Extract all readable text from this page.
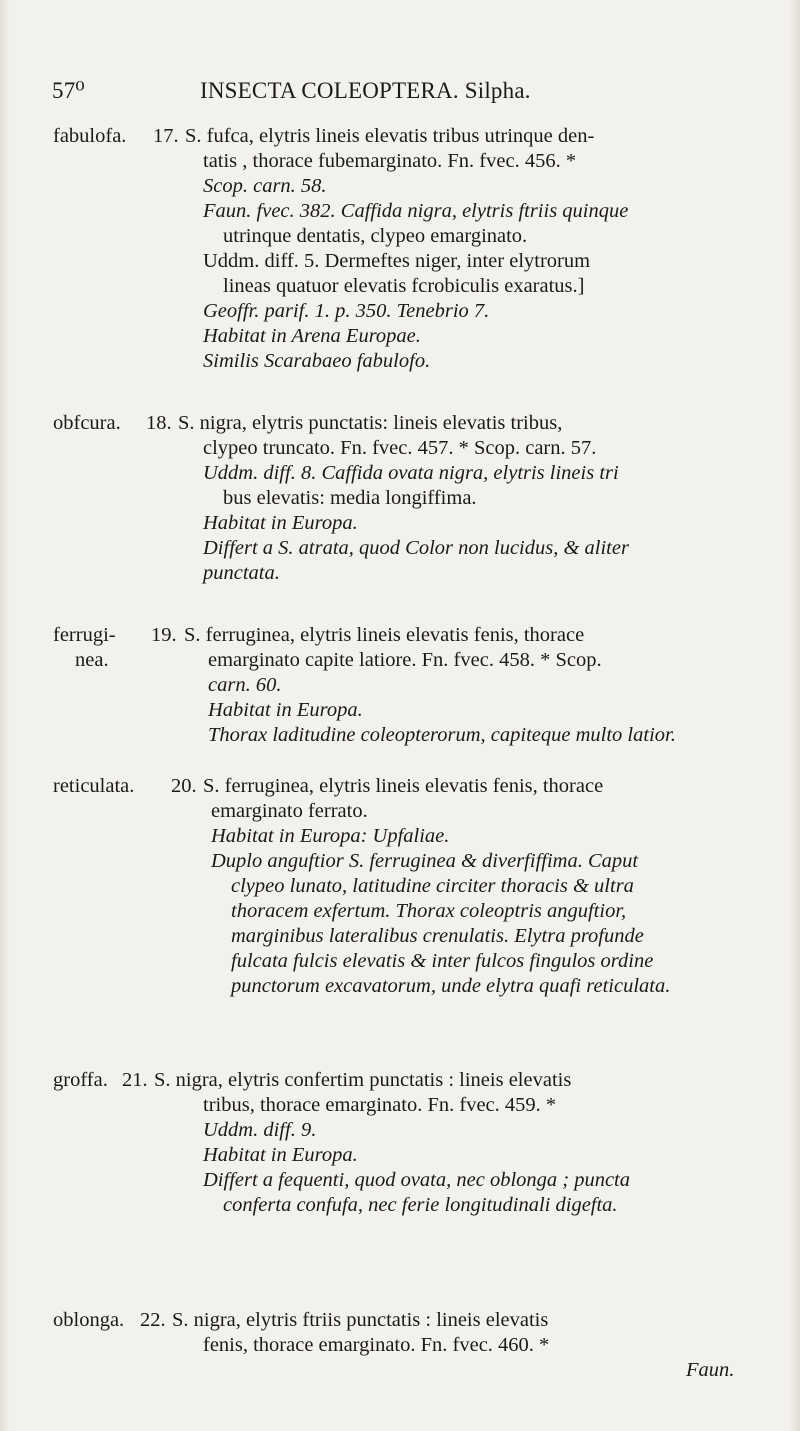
57⁰	INSECTA COLEOPTERA. Silpha.
fabulofa. 17. S. fufca, elytris lineis elevatis tribus utrinque den-

tatis , thorace fubemarginato. Fn. fvec. 456. *

Scop. carn. 58.

Faun. fvec. 382. Caffida nigra, elytris ftriis quinque

utrinque dentatis, clypeo emarginato.

Uddm. diff. 5. Dermeftes niger, inter elytrorum

lineas quatuor elevatis fcrobiculis exaratus.]

Geoffr. parif. 1. p. 350. Tenebrio 7.

Habitat in Arena Europae.

Similis Scarabaeo fabulofo.

obfcura. 18. S. nigra, elytris punctatis: lineis elevatis tribus,

clypeo truncato. Fn. fvec. 457. * Scop. carn. 57.

Uddm. diff. 8. Caffida ovata nigra, elytris lineis tri

bus elevatis: media longiffima.

Habitat in Europa.

Differt a S. atrata, quod Color non lucidus, & aliter

punctata.

ferrugi-
nea.
19. S. ferruginea, elytris lineis elevatis fenis, thorace

emarginato capite latiore. Fn. fvec. 458. * Scop.

carn. 60.

Habitat in Europa.

Thorax laditudine coleopterorum, capiteque multo latior.

reticulata. 20. S. ferruginea, elytris lineis elevatis fenis, thorace

emarginato ferrato.

Habitat in Europa: Upfaliae.

Duplo anguftior S. ferruginea & diverfiffima. Caput

clypeo lunato, latitudine circiter thoracis & ultra

thoracem exfertum. Thorax coleoptris anguftior,

marginibus lateralibus crenulatis. Elytra profunde

fulcata fulcis elevatis & inter fulcos fingulos ordine

punctorum excavatorum, unde elytra quafi reticulata.

groffa. 21. S. nigra, elytris confertim punctatis : lineis elevatis

tribus, thorace emarginato. Fn. fvec. 459. *

Uddm. diff. 9.

Habitat in Europa.

Differt a fequenti, quod ovata, nec oblonga ; puncta

conferta confufa, nec ferie longitudinali digefta.

oblonga. 22. S. nigra, elytris ftriis punctatis : lineis elevatis

fenis, thorace emarginato. Fn. fvec. 460. *

Faun.
